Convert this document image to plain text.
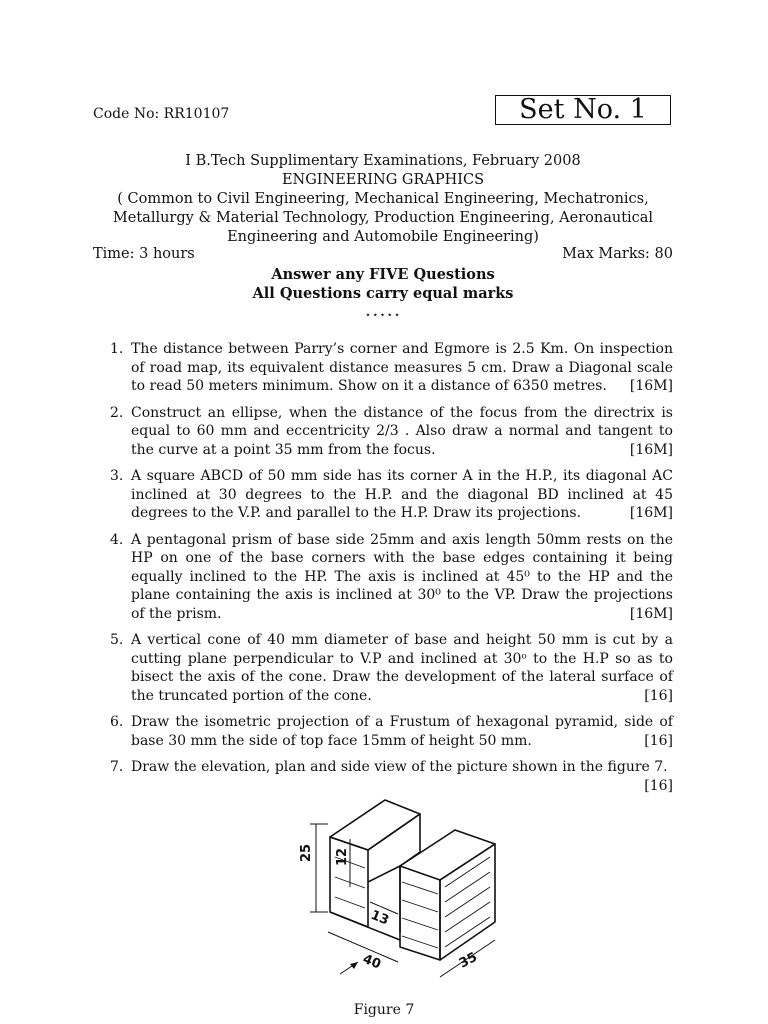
Code No: RR10107	Set No. 1
I B.Tech Supplimentary Examinations, February 2008
ENGINEERING GRAPHICS
( Common to Civil Engineering, Mechanical Engineering, Mechatronics,
Metallurgy & Material Technology, Production Engineering, Aeronautical
Engineering and Automobile Engineering)
Time: 3 hours	Max Marks: 80
Answer any FIVE Questions
All Questions carry equal marks
⋆⋆⋆⋆⋆
1. The distance between Parry’s corner and Egmore is 2.5 Km. On inspection of road map, its equivalent distance measures 5 cm. Draw a Diagonal scale to read 50 meters minimum. Show on it a distance of 6350 metres. [16M]
2. Construct an ellipse, when the distance of the focus from the directrix is equal to 60 mm and eccentricity 2/3 . Also draw a normal and tangent to the curve at a point 35 mm from the focus.	[16M]
3. A square ABCD of 50 mm side has its corner A in the H.P., its diagonal AC inclined at 30 degrees to the H.P. and the diagonal BD inclined at 45 degrees to the V.P. and parallel to the H.P. Draw its projections.	[16M]
4. A pentagonal prism of base side 25mm and axis length 50mm rests on the HP on one of the base corners with the base edges containing it being equally inclined to the HP. The axis is inclined at 45⁰ to the HP and the plane containing the axis is inclined at 30⁰ to the VP. Draw the projections of the prism.	[16M]
5. A vertical cone of 40 mm diameter of base and height 50 mm is cut by a cutting plane perpendicular to V.P and inclined at 30ᵒ to the H.P so as to bisect the axis of the cone. Draw the development of the lateral surface of the truncated portion of the cone.	[16]
6. Draw the isometric projection of a Frustum of hexagonal pyramid, side of base 30 mm the side of top face 15mm of height 50 mm.	[16]
7. Draw the elevation, plan and side view of the picture shown in the figure 7.
[16]
25 12
13
40	35
Figure 7
